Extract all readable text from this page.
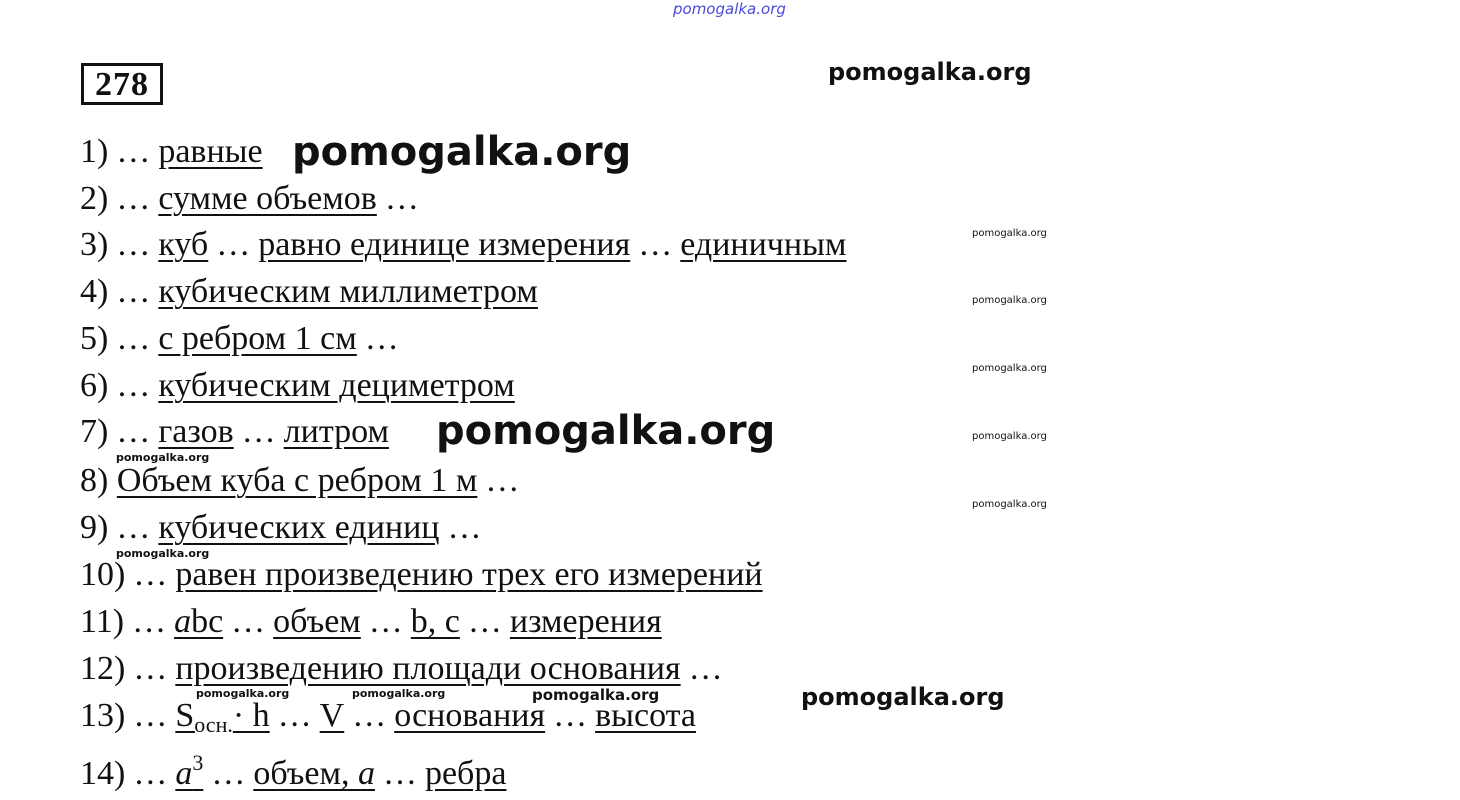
pomogalka.org
pomogalka.org
278
1) … равные
2) … сумме объемов …
3) … куб … равно единице измерения … единичным
4) … кубическим миллиметром
5) … с ребром 1 см …
6) … кубическим дециметром
7) … газов … литром
8) Объем куба с ребром 1 м …
9) … кубических единиц …
10) … равен произведению трех его измерений
11) … abc … объем … b, c … измерения
12) … произведению площади основания …
13) … $S_{осн.}\cdot h$ … V … основания … высота
14) … $a^3$ … объем, a … ребра
pomogalka.org
pomogalka.org
pomogalka.org
pomogalka.org
pomogalka.org
pomogalka.org
pomogalka.org
pomogalka.org
pomogalka.org
pomogalka.org
pomogalka.org	pomogalka.org	pomogalka.org
